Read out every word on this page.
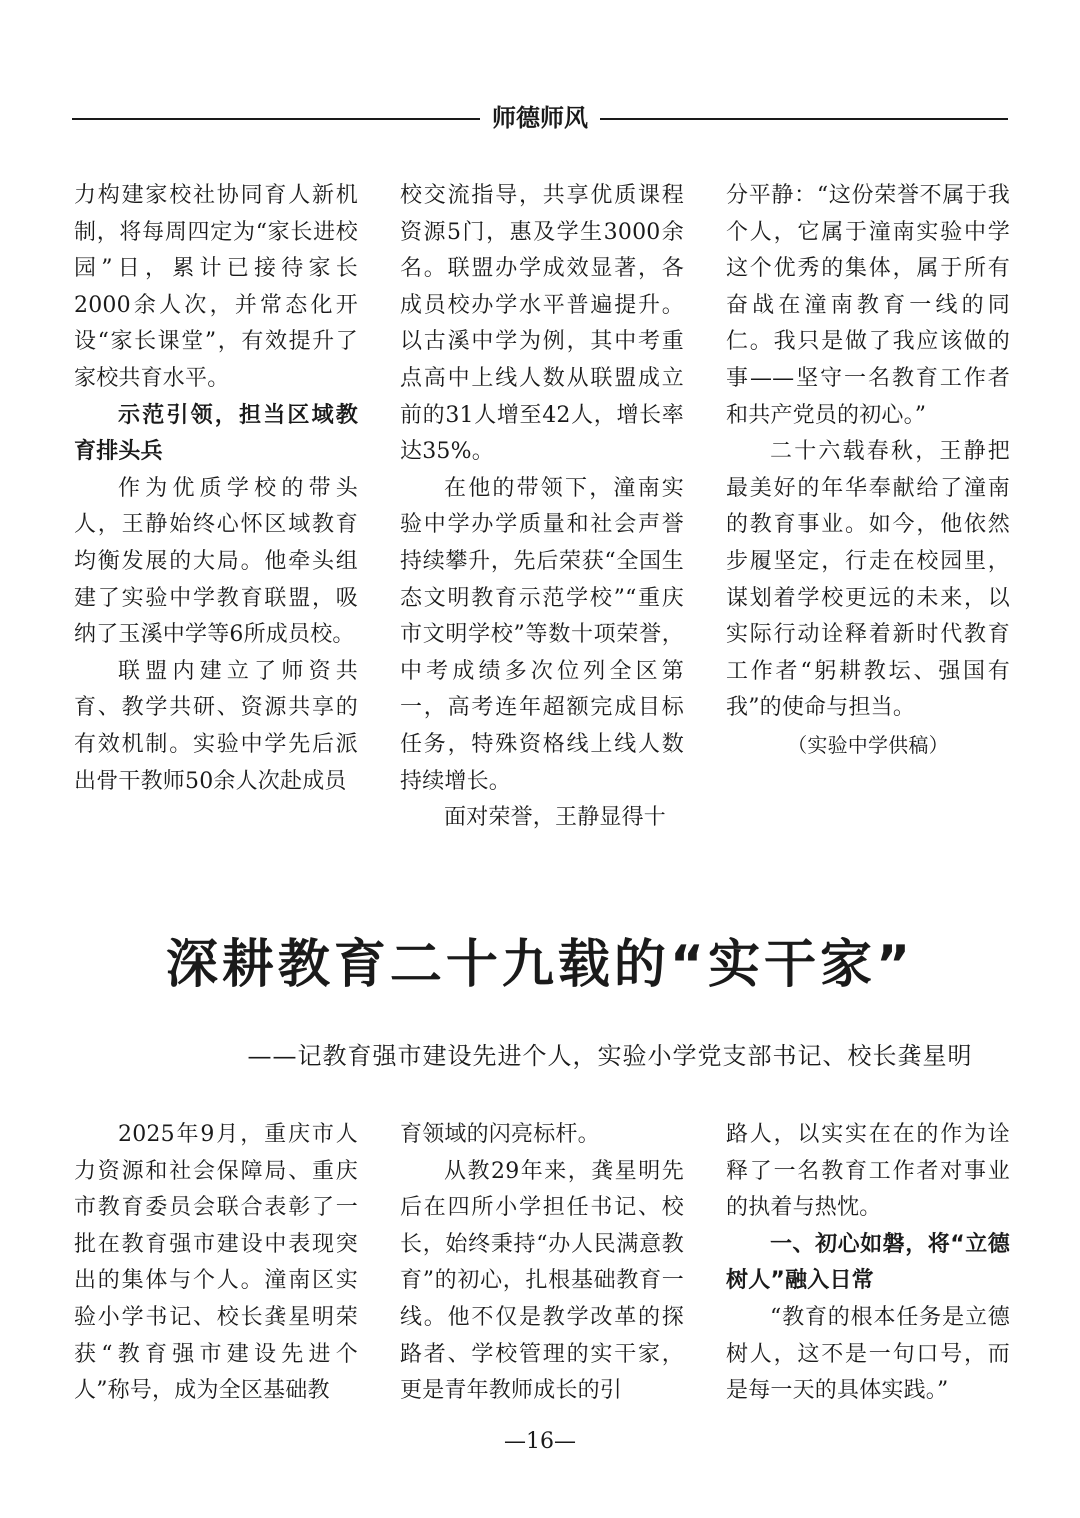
师德师风

力构建家校社协同育人新机制，将每周四定为“家长进校园”日，累计已接待家长2000余人次，并常态化开设“家长课堂”，有效提升了家校共育水平。

示范引领，担当区域教育排头兵

作为优质学校的带头人，王静始终心怀区域教育均衡发展的大局。他牵头组建了实验中学教育联盟，吸纳了玉溪中学等6所成员校。

联盟内建立了师资共育、教学共研、资源共享的有效机制。实验中学先后派出骨干教师50余人次赴成员

校交流指导，共享优质课程资源5门，惠及学生3000余名。联盟办学成效显著，各成员校办学水平普遍提升。以古溪中学为例，其中考重点高中上线人数从联盟成立前的31人增至42人，增长率达35%。

在他的带领下，潼南实验中学办学质量和社会声誉持续攀升，先后荣获“全国生态文明教育示范学校”“重庆市文明学校”等数十项荣誉，中考成绩多次位列全区第一，高考连年超额完成目标任务，特殊资格线上线人数持续增长。

面对荣誉，王静显得十

分平静：“这份荣誉不属于我个人，它属于潼南实验中学这个优秀的集体，属于所有奋战在潼南教育一线的同仁。我只是做了我应该做的事——坚守一名教育工作者和共产党员的初心。”

二十六载春秋，王静把最美好的年华奉献给了潼南的教育事业。如今，他依然步履坚定，行走在校园里，谋划着学校更远的未来，以实际行动诠释着新时代教育工作者“躬耕教坛、强国有我”的使命与担当。

（实验中学供稿）

深耕教育二十九载的“实干家”
——记教育强市建设先进个人，实验小学党支部书记、校长龚星明

2025年9月，重庆市人力资源和社会保障局、重庆市教育委员会联合表彰了一批在教育强市建设中表现突出的集体与个人。潼南区实验小学书记、校长龚星明荣获“教育强市建设先进个人”称号，成为全区基础教

育领域的闪亮标杆。

从教29年来，龚星明先后在四所小学担任书记、校长，始终秉持“办人民满意教育”的初心，扎根基础教育一线。他不仅是教学改革的探路者、学校管理的实干家，更是青年教师成长的引

路人，以实实在在的作为诠释了一名教育工作者对事业的执着与热忱。

一、初心如磐，将“立德树人”融入日常

“教育的根本任务是立德树人，这不是一句口号，而是每一天的具体实践。”

—16—
